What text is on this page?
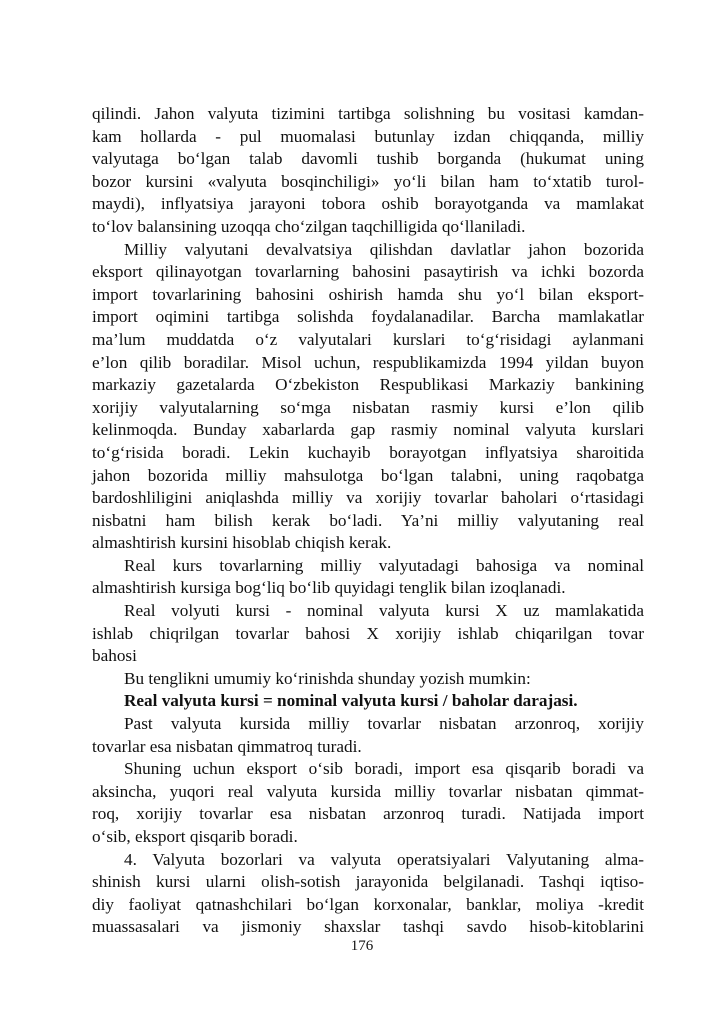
qilindi. Jahon valyuta tizimini tartibga solishning bu vositasi kamdan-
kam hollarda - pul muomalasi butunlay izdan chiqqanda, milliy
valyutaga bo‘lgan talab davomli tushib borganda (hukumat uning
bozor kursini «valyuta bosqinchiligi» yo‘li bilan ham to‘xtatib turol-
maydi), inflyatsiya jarayoni tobora oshib borayotganda va mamlakat
to‘lov balansining uzoqqa cho‘zilgan taqchilligida qo‘llaniladi.
Milliy valyutani devalvatsiya qilishdan davlatlar jahon bozorida
eksport qilinayotgan tovarlarning bahosini pasaytirish va ichki bozorda
import tovarlarining bahosini oshirish hamda shu yo‘l bilan eksport-
import oqimini tartibga solishda foydalanadilar. Barcha mamlakatlar
ma’lum muddatda o‘z valyutalari kurslari to‘g‘risidagi aylanmani
e’lon qilib boradilar. Misol uchun, respublikamizda 1994 yildan buyon
markaziy gazetalarda O‘zbekiston Respublikasi Markaziy bankining
xorijiy valyutalarning so‘mga nisbatan rasmiy kursi e’lon qilib
kelinmoqda. Bunday xabarlarda gap rasmiy nominal valyuta kurslari
to‘g‘risida boradi. Lekin kuchayib borayotgan inflyatsiya sharoitida
jahon bozorida milliy mahsulotga bo‘lgan talabni, uning raqobatga
bardoshliligini aniqlashda milliy va xorijiy tovarlar baholari o‘rtasidagi
nisbatni ham bilish kerak bo‘ladi. Ya’ni milliy valyutaning real
almashtirish kursini hisoblab chiqish kerak.
Real kurs tovarlarning milliy valyutadagi bahosiga va nominal
almashtirish kursiga bog‘liq bo‘lib quyidagi tenglik bilan izoqlanadi.
Real volyuti kursi - nominal valyuta kursi X uz mamlakatida
ishlab chiqrilgan tovarlar bahosi X xorijiy ishlab chiqarilgan tovar
bahosi
Bu tenglikni umumiy ko‘rinishda shunday yozish mumkin:
Real valyuta kursi = nominal valyuta kursi / baholar darajasi.
Past valyuta kursida milliy tovarlar nisbatan arzonroq, xorijiy
tovarlar esa nisbatan qimmatroq turadi.
Shuning uchun eksport o‘sib boradi, import esa qisqarib boradi va
aksincha, yuqori real valyuta kursida milliy tovarlar nisbatan qimmat-
roq, xorijiy tovarlar esa nisbatan arzonroq turadi. Natijada import
o‘sib, eksport qisqarib boradi.
4. Valyuta bozorlari va valyuta operatsiyalari Valyutaning alma-
shinish kursi ularni olish-sotish jarayonida belgilanadi. Tashqi iqtiso-
diy faoliyat qatnashchilari bo‘lgan korxonalar, banklar, moliya -kredit
muassasalari va jismoniy shaxslar tashqi savdo hisob-kitoblarini
176
